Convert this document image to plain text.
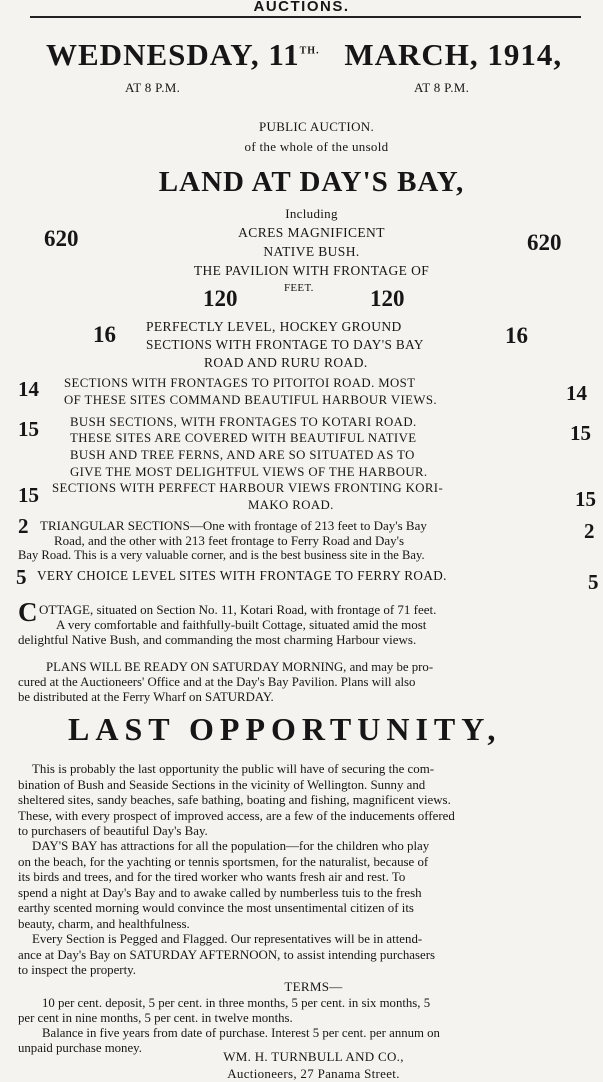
AUCTIONS.
WEDNESDAY, $11^{TH.}$ MARCH, 1914,
AT 8 P.M.	AT 8 P.M.
PUBLIC AUCTION.
of the whole of the unsold
LAND AT DAY'S BAY,
Including
620	620
ACRES MAGNIFICENT
NATIVE BUSH.
THE PAVILION WITH FRONTAGE OF
FEET.
120	120
16	16
PERFECTLY LEVEL, HOCKEY GROUND
SECTIONS WITH FRONTAGE TO DAY'S BAY
ROAD AND RURU ROAD.
14	14
SECTIONS WITH FRONTAGES TO PITOITOI ROAD. MOST
OF THESE SITES COMMAND BEAUTIFUL HARBOUR VIEWS.
15	15
BUSH SECTIONS, WITH FRONTAGES TO KOTARI ROAD.
THESE SITES ARE COVERED WITH BEAUTIFUL NATIVE
BUSH AND TREE FERNS, AND ARE SO SITUATED AS TO
GIVE THE MOST DELIGHTFUL VIEWS OF THE HARBOUR.
15	15
SECTIONS WITH PERFECT HARBOUR VIEWS FRONTING KORI-
MAKO ROAD.
2	2
TRIANGULAR SECTIONS—One with frontage of 213 feet to Day's Bay
Road, and the other with 213 feet frontage to Ferry Road and Day's
Bay Road. This is a very valuable corner, and is the best business site in the Bay.
5	5
VERY CHOICE LEVEL SITES WITH FRONTAGE TO FERRY ROAD.
C OTTAGE, situated on Section No. 11, Kotari Road, with frontage of 71 feet.
A very comfortable and faithfully-built Cottage, situated amid the most
delightful Native Bush, and commanding the most charming Harbour views.
PLANS WILL BE READY ON SATURDAY MORNING, and may be pro-
cured at the Auctioneers' Office and at the Day's Bay Pavilion. Plans will also
be distributed at the Ferry Wharf on SATURDAY.
LAST OPPORTUNITY,
This is probably the last opportunity the public will have of securing the com-
bination of Bush and Seaside Sections in the vicinity of Wellington. Sunny and
sheltered sites, sandy beaches, safe bathing, boating and fishing, magnificent views.
These, with every prospect of improved access, are a few of the inducements offered
to purchasers of beautiful Day's Bay.
DAY'S BAY has attractions for all the population—for the children who play
on the beach, for the yachting or tennis sportsmen, for the naturalist, because of
its birds and trees, and for the tired worker who wants fresh air and rest. To
spend a night at Day's Bay and to awake called by numberless tuis to the fresh
earthy scented morning would convince the most unsentimental citizen of its
beauty, charm, and healthfulness.
Every Section is Pegged and Flagged. Our representatives will be in attend-
ance at Day's Bay on SATURDAY AFTERNOON, to assist intending purchasers
to inspect the property.
TERMS—
10 per cent. deposit, 5 per cent. in three months, 5 per cent. in six months, 5
per cent in nine months, 5 per cent. in twelve months.
Balance in five years from date of purchase. Interest 5 per cent. per annum on
unpaid purchase money.
WM. H. TURNBULL AND CO.,
Auctioneers, 27 Panama Street.
